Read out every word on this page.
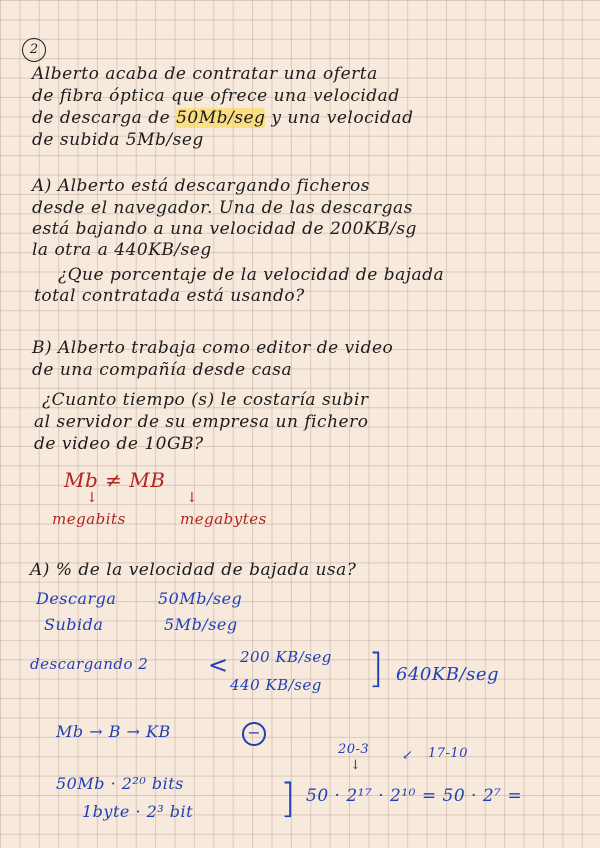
2
Alberto acaba de contratar una oferta
de fibra óptica que ofrece una velocidad
de descarga de 50Mb/seg y una velocidad
de subida 5Mb/seg
A) Alberto está descargando ficheros
desde el navegador. Una de las descargas
está bajando a una velocidad de 200KB/sg
la otra a 440KB/seg
¿Que porcentaje de la velocidad de bajada
total contratada está usando?
B) Alberto trabaja como editor de video
de una compañía desde casa
¿Cuanto tiempo (s) le costaría subir
al servidor de su empresa un fichero
de video de 10GB?
Mb ≠ MB
↓	↓
megabits	megabytes
A) % de la velocidad de bajada usa?
Descarga	50Mb/seg
Subida	5Mb/seg
descargando 2 < 200 KB/seg
440 KB/seg ] 640KB/seg
Mb → B → KB	−
20-3
↓
↙ 17-10
50Mb · 2²⁰ bits
1byte · 2³ bit ] 50 · 2¹⁷ · 2¹⁰ = 50 · 2⁷ =
